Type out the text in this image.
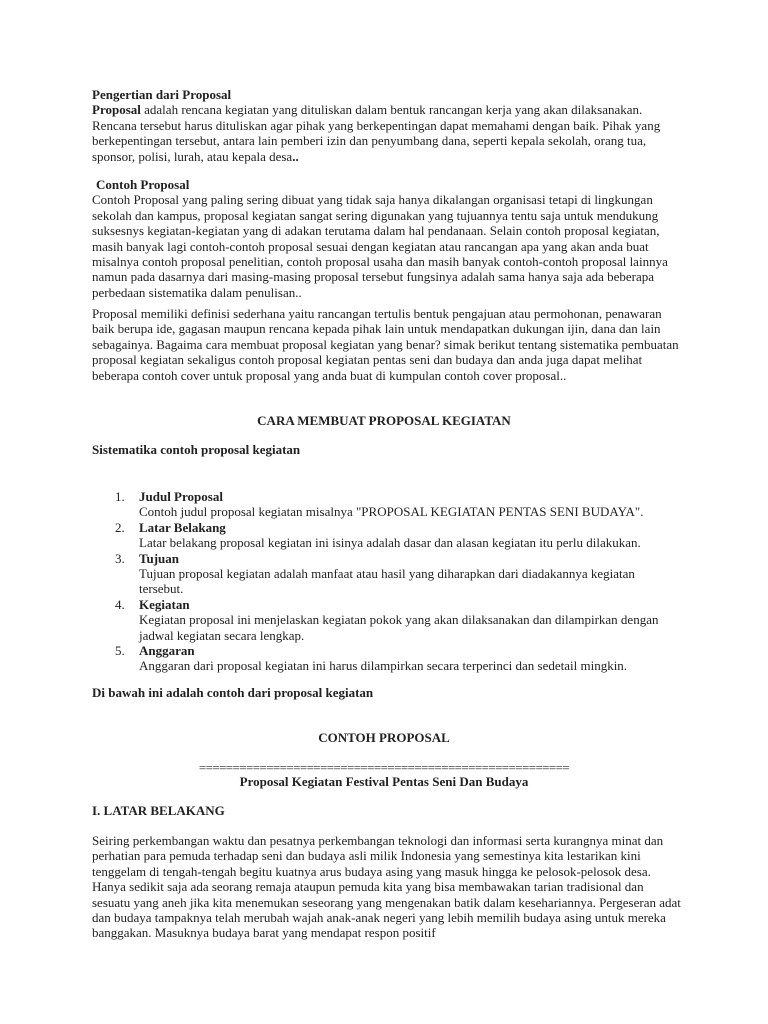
Pengertian dari Proposal
Proposal adalah rencana kegiatan yang dituliskan dalam bentuk rancangan kerja yang akan dilaksanakan. Rencana tersebut harus dituliskan agar pihak yang berkepentingan dapat memahami dengan baik. Pihak yang berkepentingan tersebut, antara lain pemberi izin dan penyumbang dana, seperti kepala sekolah, orang tua, sponsor, polisi, lurah, atau kepala desa..

Contoh Proposal
Contoh Proposal yang paling sering dibuat yang tidak saja hanya dikalangan organisasi tetapi di lingkungan sekolah dan kampus, proposal kegiatan sangat sering digunakan yang tujuannya tentu saja untuk mendukung suksesnys kegiatan-kegiatan yang di adakan terutama dalam hal pendanaan. Selain contoh proposal kegiatan, masih banyak lagi contoh-contoh proposal sesuai dengan kegiatan atau rancangan apa yang akan anda buat misalnya contoh proposal penelitian, contoh proposal usaha dan masih banyak contoh-contoh proposal lainnya namun pada dasarnya dari masing-masing proposal tersebut fungsinya adalah sama hanya saja ada beberapa perbedaan sistematika dalam penulisan..

Proposal memiliki definisi sederhana yaitu rancangan tertulis bentuk pengajuan atau permohonan, penawaran baik berupa ide, gagasan maupun rencana kepada pihak lain untuk mendapatkan dukungan ijin, dana dan lain sebagainya. Bagaima cara membuat proposal kegiatan yang benar? simak berikut tentang sistematika pembuatan proposal kegiatan sekaligus contoh proposal kegiatan pentas seni dan budaya dan anda juga dapat melihat beberapa contoh cover untuk proposal yang anda buat di kumpulan contoh cover proposal..

CARA MEMBUAT PROPOSAL KEGIATAN

Sistematika contoh proposal kegiatan

1. Judul Proposal
Contoh judul proposal kegiatan misalnya "PROPOSAL KEGIATAN PENTAS SENI BUDAYA".
2. Latar Belakang
Latar belakang proposal kegiatan ini isinya adalah dasar dan alasan kegiatan itu perlu dilakukan.
3. Tujuan
Tujuan proposal kegiatan adalah manfaat atau hasil yang diharapkan dari diadakannya kegiatan tersebut.
4. Kegiatan
Kegiatan proposal ini menjelaskan kegiatan pokok yang akan dilaksanakan dan dilampirkan dengan jadwal kegiatan secara lengkap.
5. Anggaran
Anggaran dari proposal kegiatan ini harus dilampirkan secara terperinci dan sedetail mingkin.

Di bawah ini adalah contoh dari proposal kegiatan

CONTOH PROPOSAL

=======================================================

Proposal Kegiatan Festival Pentas Seni Dan Budaya

I. LATAR BELAKANG

Seiring perkembangan waktu dan pesatnya perkembangan teknologi dan informasi serta kurangnya minat dan perhatian para pemuda terhadap seni dan budaya asli milik Indonesia yang semestinya kita lestarikan kini tenggelam di tengah-tengah begitu kuatnya arus budaya asing yang masuk hingga ke pelosok-pelosok desa. Hanya sedikit saja ada seorang remaja ataupun pemuda kita yang bisa membawakan tarian tradisional dan sesuatu yang aneh jika kita menemukan seseorang yang mengenakan batik dalam kesehariannya. Pergeseran adat dan budaya tampaknya telah merubah wajah anak-anak negeri yang lebih memilih budaya asing untuk mereka banggakan. Masuknya budaya barat yang mendapat respon positif
